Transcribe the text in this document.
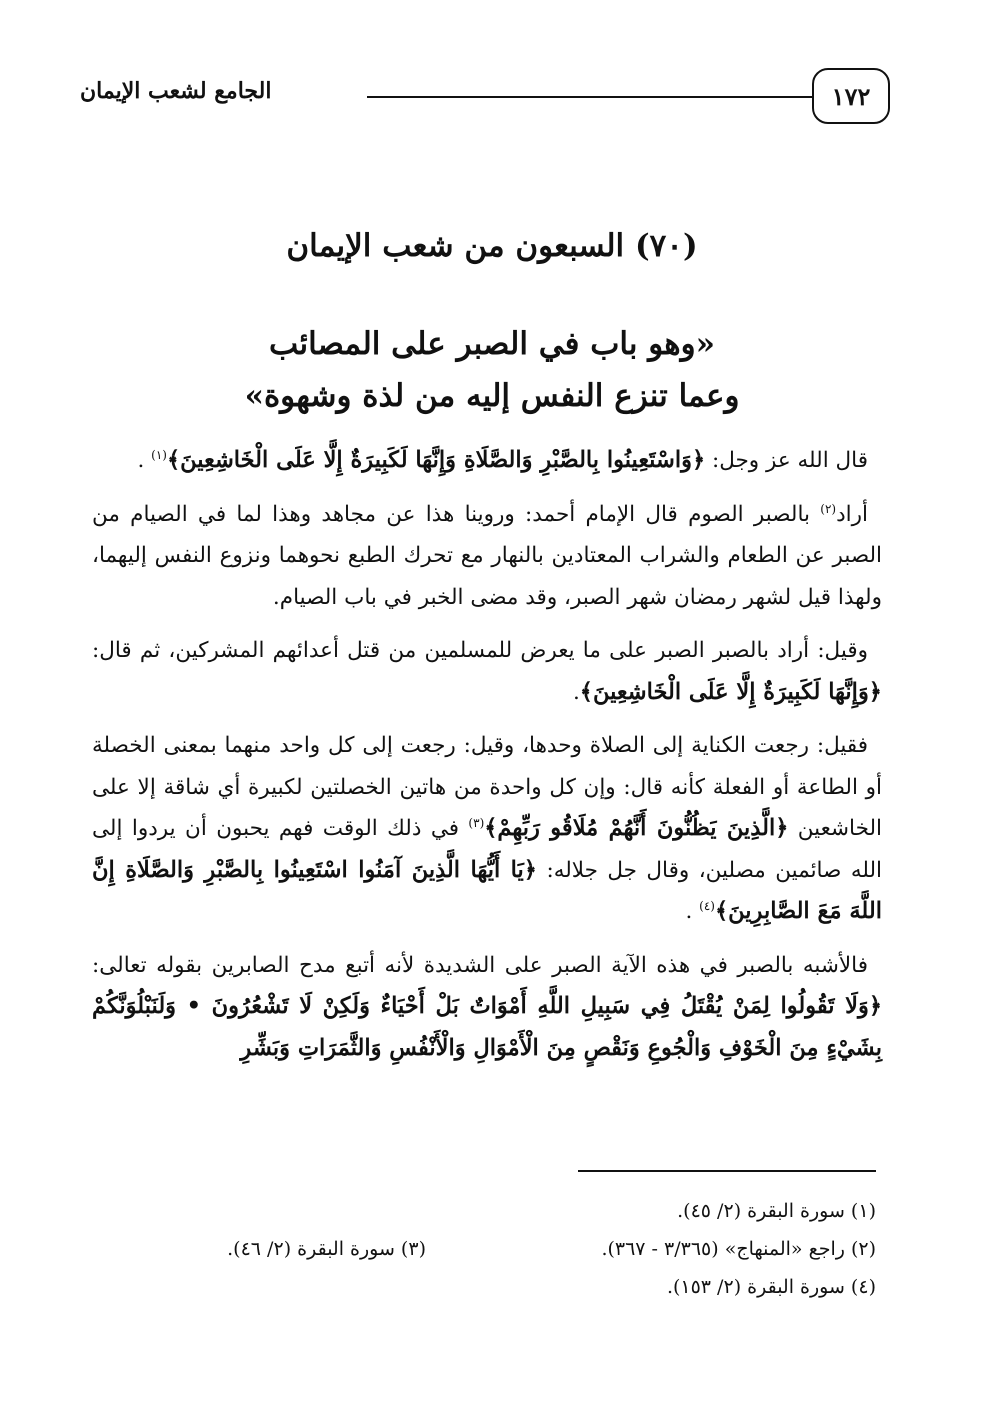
١٧٢
الجامع لشعب الإيمان
(٧٠) السبعون من شعب الإيمان
«وهو باب في الصبر على المصائب
وعما تنزع النفس إليه من لذة وشهوة»

قال الله عز وجل: ﴿وَاسْتَعِينُوا بِالصَّبْرِ وَالصَّلَاةِ وَإِنَّهَا لَكَبِيرَةٌ إِلَّا عَلَى الْخَاشِعِينَ﴾$^{(١)}$ .

أراد$^{(٢)}$ بالصبر الصوم قال الإمام أحمد: وروينا هذا عن مجاهد وهذا لما في الصيام من الصبر عن الطعام والشراب المعتادين بالنهار مع تحرك الطبع نحوهما ونزوع النفس إليهما، ولهذا قيل لشهر رمضان شهر الصبر، وقد مضى الخبر في باب الصيام.

وقيل: أراد بالصبر الصبر على ما يعرض للمسلمين من قتل أعدائهم المشركين، ثم قال: ﴿وَإِنَّهَا لَكَبِيرَةٌ إِلَّا عَلَى الْخَاشِعِينَ﴾.

فقيل: رجعت الكناية إلى الصلاة وحدها، وقيل: رجعت إلى كل واحد منهما بمعنى الخصلة أو الطاعة أو الفعلة كأنه قال: وإن كل واحدة من هاتين الخصلتين لكبيرة أي شاقة إلا على الخاشعين ﴿الَّذِينَ يَظُنُّونَ أَنَّهُمْ مُلَاقُو رَبِّهِمْ﴾$^{(٣)}$ في ذلك الوقت فهم يحبون أن يردوا إلى الله صائمين مصلين، وقال جل جلاله: ﴿يَا أَيُّهَا الَّذِينَ آمَنُوا اسْتَعِينُوا بِالصَّبْرِ وَالصَّلَاةِ إِنَّ اللَّهَ مَعَ الصَّابِرِينَ﴾$^{(٤)}$ .

فالأشبه بالصبر في هذه الآية الصبر على الشديدة لأنه أتبع مدح الصابرين بقوله تعالى: ﴿وَلَا تَقُولُوا لِمَنْ يُقْتَلُ فِي سَبِيلِ اللَّهِ أَمْوَاتٌ بَلْ أَحْيَاءٌ وَلَكِنْ لَا تَشْعُرُونَ • وَلَنَبْلُوَنَّكُمْ بِشَيْءٍ مِنَ الْخَوْفِ وَالْجُوعِ وَنَقْصٍ مِنَ الْأَمْوَالِ وَالْأَنْفُسِ وَالثَّمَرَاتِ وَبَشِّرِ

(١) سورة البقرة (٢/ ٤٥).
(٢) راجع «المنهاج» (٣/٣٦٥ - ٣٦٧).
(٣) سورة البقرة (٢/ ٤٦).
(٤) سورة البقرة (٢/ ١٥٣).
